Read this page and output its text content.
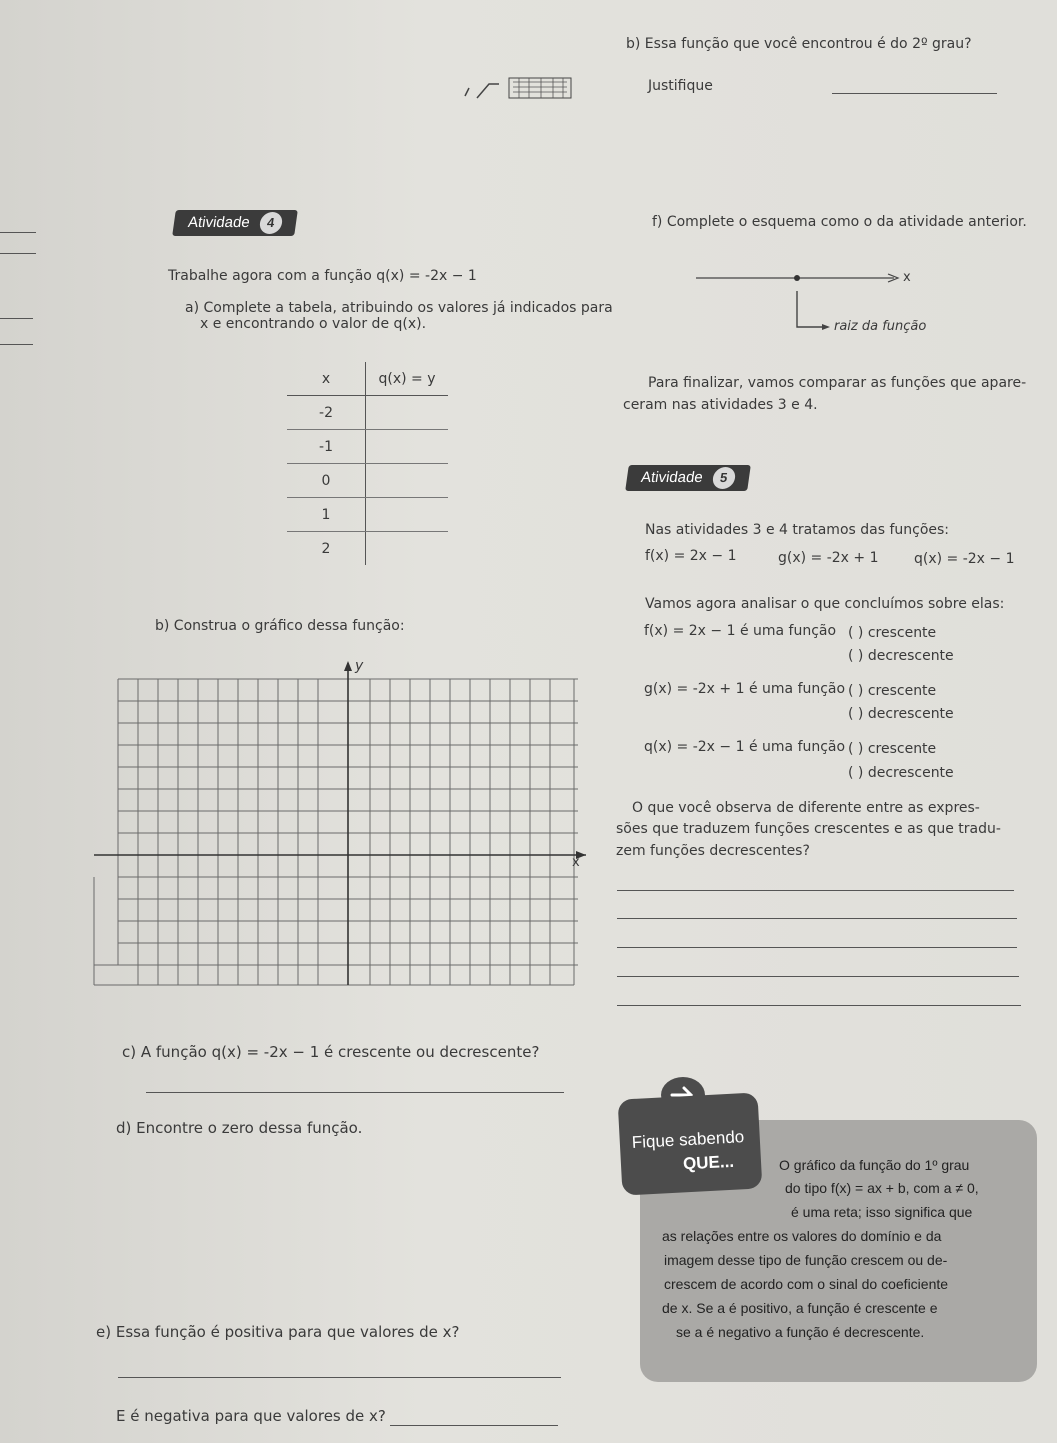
b) Essa função que você encontrou é do 2º grau?
Justifique
Atividade 4
Trabalhe agora com a função q(x) = -2x − 1
a) Complete a tabela, atribuindo os valores já indicados para
x e encontrando o valor de q(x).
x	q(x) = y
-2	
-1	
0	
1	
2	
b) Construa o gráfico dessa função:
y
x
c) A função q(x) = -2x − 1 é crescente ou decrescente?
d) Encontre o zero dessa função.
e) Essa função é positiva para que valores de x?
E é negativa para que valores de x?
f) Complete o esquema como o da atividade anterior.
x
raiz da função
Para finalizar, vamos comparar as funções que apare-
ceram nas atividades 3 e 4.
Atividade 5
Nas atividades 3 e 4 tratamos das funções:
f(x) = 2x − 1	g(x) = -2x + 1	q(x) = -2x − 1
Vamos agora analisar o que concluímos sobre elas:
f(x) = 2x − 1 é uma função ( ) crescente
( ) decrescente
g(x) = -2x + 1 é uma função ( ) crescente
( ) decrescente
q(x) = -2x − 1 é uma função ( ) crescente
( ) decrescente
O que você observa de diferente entre as expres-
sões que traduzem funções crescentes e as que tradu-
zem funções decrescentes?
Fique sabendo
QUE...	O gráfico da função do 1º grau
do tipo f(x) = ax + b, com a ≠ 0,
é uma reta; isso significa que
as relações entre os valores do domínio e da
imagem desse tipo de função crescem ou de-
crescem de acordo com o sinal do coeficiente
de x. Se a é positivo, a função é crescente e
se a é negativo a função é decrescente.
